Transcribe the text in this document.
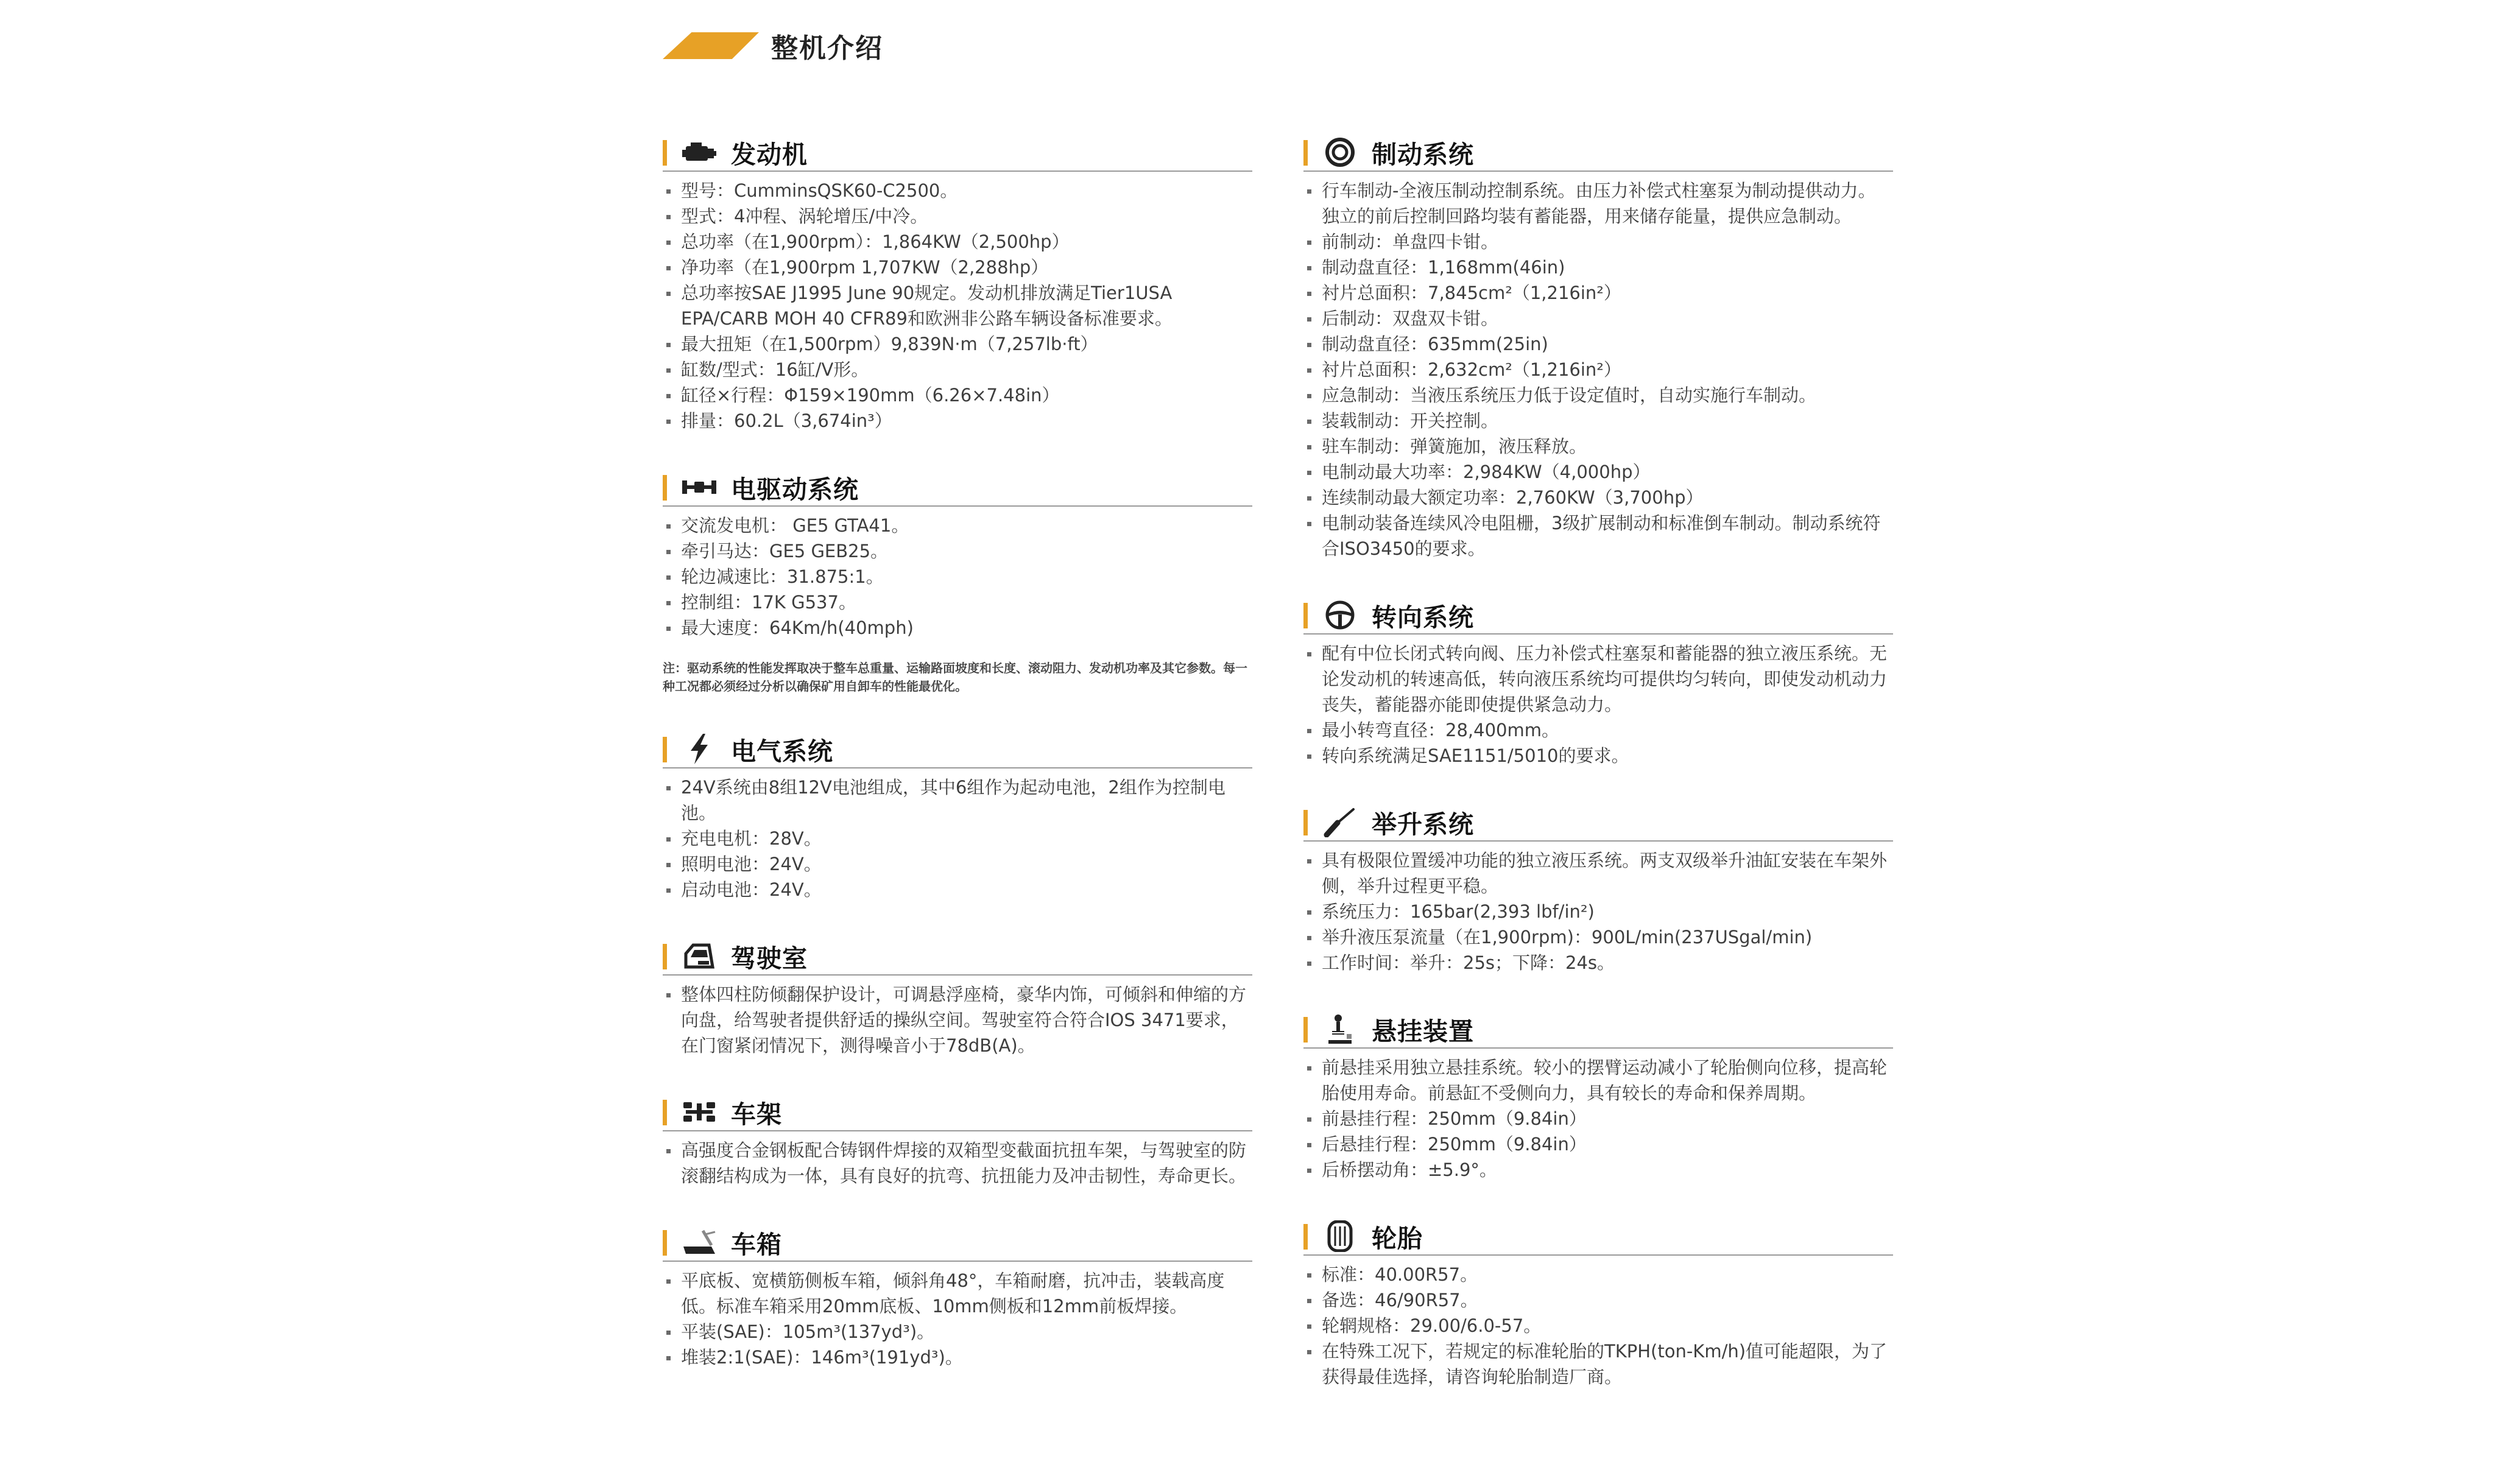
整机介绍
发动机
型号：CumminsQSK60-C2500。
型式：4冲程、涡轮增压/中冷。
总功率（在1,900rpm）：1,864KW（2,500hp）
净功率（在1,900rpm 1,707KW（2,288hp）
总功率按SAE J1995 June 90规定。发动机排放满足Tier1USA EPA/CARB MOH 40 CFR89和欧洲非公路车辆设备标准要求。
最大扭矩（在1,500rpm）9,839N·m（7,257lb·ft）
缸数/型式：16缸/V形。
缸径×行程：Φ159×190mm（6.26×7.48in）
排量：60.2L（3,674in³）
电驱动系统
交流发电机： GE5 GTA41。
牵引马达：GE5 GEB25。
轮边减速比：31.875:1。
控制组：17K G537。
最大速度：64Km/h(40mph)

注：驱动系统的性能发挥取决于整车总重量、运输路面坡度和长度、滚动阻力、发动机功率及其它参数。每一种工况都必须经过分析以确保矿用自卸车的性能最优化。

电气系统
24V系统由8组12V电池组成，其中6组作为起动电池，2组作为控制电池。
充电电机：28V。
照明电池：24V。
启动电池：24V。
驾驶室
整体四柱防倾翻保护设计，可调悬浮座椅，豪华内饰，可倾斜和伸缩的方向盘，给驾驶者提供舒适的操纵空间。驾驶室符合符合IOS 3471要求，在门窗紧闭情况下，测得噪音小于78dB(A)。
车架
高强度合金钢板配合铸钢件焊接的双箱型变截面抗扭车架，与驾驶室的防滚翻结构成为一体，具有良好的抗弯、抗扭能力及冲击韧性，寿命更长。
车箱
平底板、宽横筋侧板车箱，倾斜角48°，车箱耐磨，抗冲击，装载高度低。标准车箱采用20mm底板、10mm侧板和12mm前板焊接。
平装(SAE)：105m³(137yd³)。
堆装2:1(SAE)：146m³(191yd³)。
制动系统
行车制动-全液压制动控制系统。由压力补偿式柱塞泵为制动提供动力。独立的前后控制回路均装有蓄能器，用来储存能量，提供应急制动。
前制动：单盘四卡钳。
制动盘直径：1,168mm(46in)
衬片总面积：7,845cm²（1,216in²）
后制动：双盘双卡钳。
制动盘直径：635mm(25in)
衬片总面积：2,632cm²（1,216in²）
应急制动：当液压系统压力低于设定值时，自动实施行车制动。
装载制动：开关控制。
驻车制动：弹簧施加，液压释放。
电制动最大功率：2,984KW（4,000hp）
连续制动最大额定功率：2,760KW（3,700hp）
电制动装备连续风冷电阻栅，3级扩展制动和标准倒车制动。制动系统符合ISO3450的要求。
转向系统
配有中位长闭式转向阀、压力补偿式柱塞泵和蓄能器的独立液压系统。无论发动机的转速高低，转向液压系统均可提供均匀转向，即使发动机动力丧失，蓄能器亦能即使提供紧急动力。
最小转弯直径：28,400mm。
转向系统满足SAE1151/5010的要求。
举升系统
具有极限位置缓冲功能的独立液压系统。两支双级举升油缸安装在车架外侧，举升过程更平稳。
系统压力：165bar(2,393 lbf/in²)
举升液压泵流量（在1,900rpm)：900L/min(237USgal/min)
工作时间：举升：25s；下降：24s。
悬挂装置
前悬挂采用独立悬挂系统。较小的摆臂运动减小了轮胎侧向位移，提高轮胎使用寿命。前悬缸不受侧向力，具有较长的寿命和保养周期。
前悬挂行程：250mm（9.84in）
后悬挂行程：250mm（9.84in）
后桥摆动角：±5.9°。
轮胎
标准：40.00R57。
备选：46/90R57。
轮辋规格：29.00/6.0-57。
在特殊工况下，若规定的标准轮胎的TKPH(ton-Km/h)值可能超限，为了获得最佳选择，请咨询轮胎制造厂商。
